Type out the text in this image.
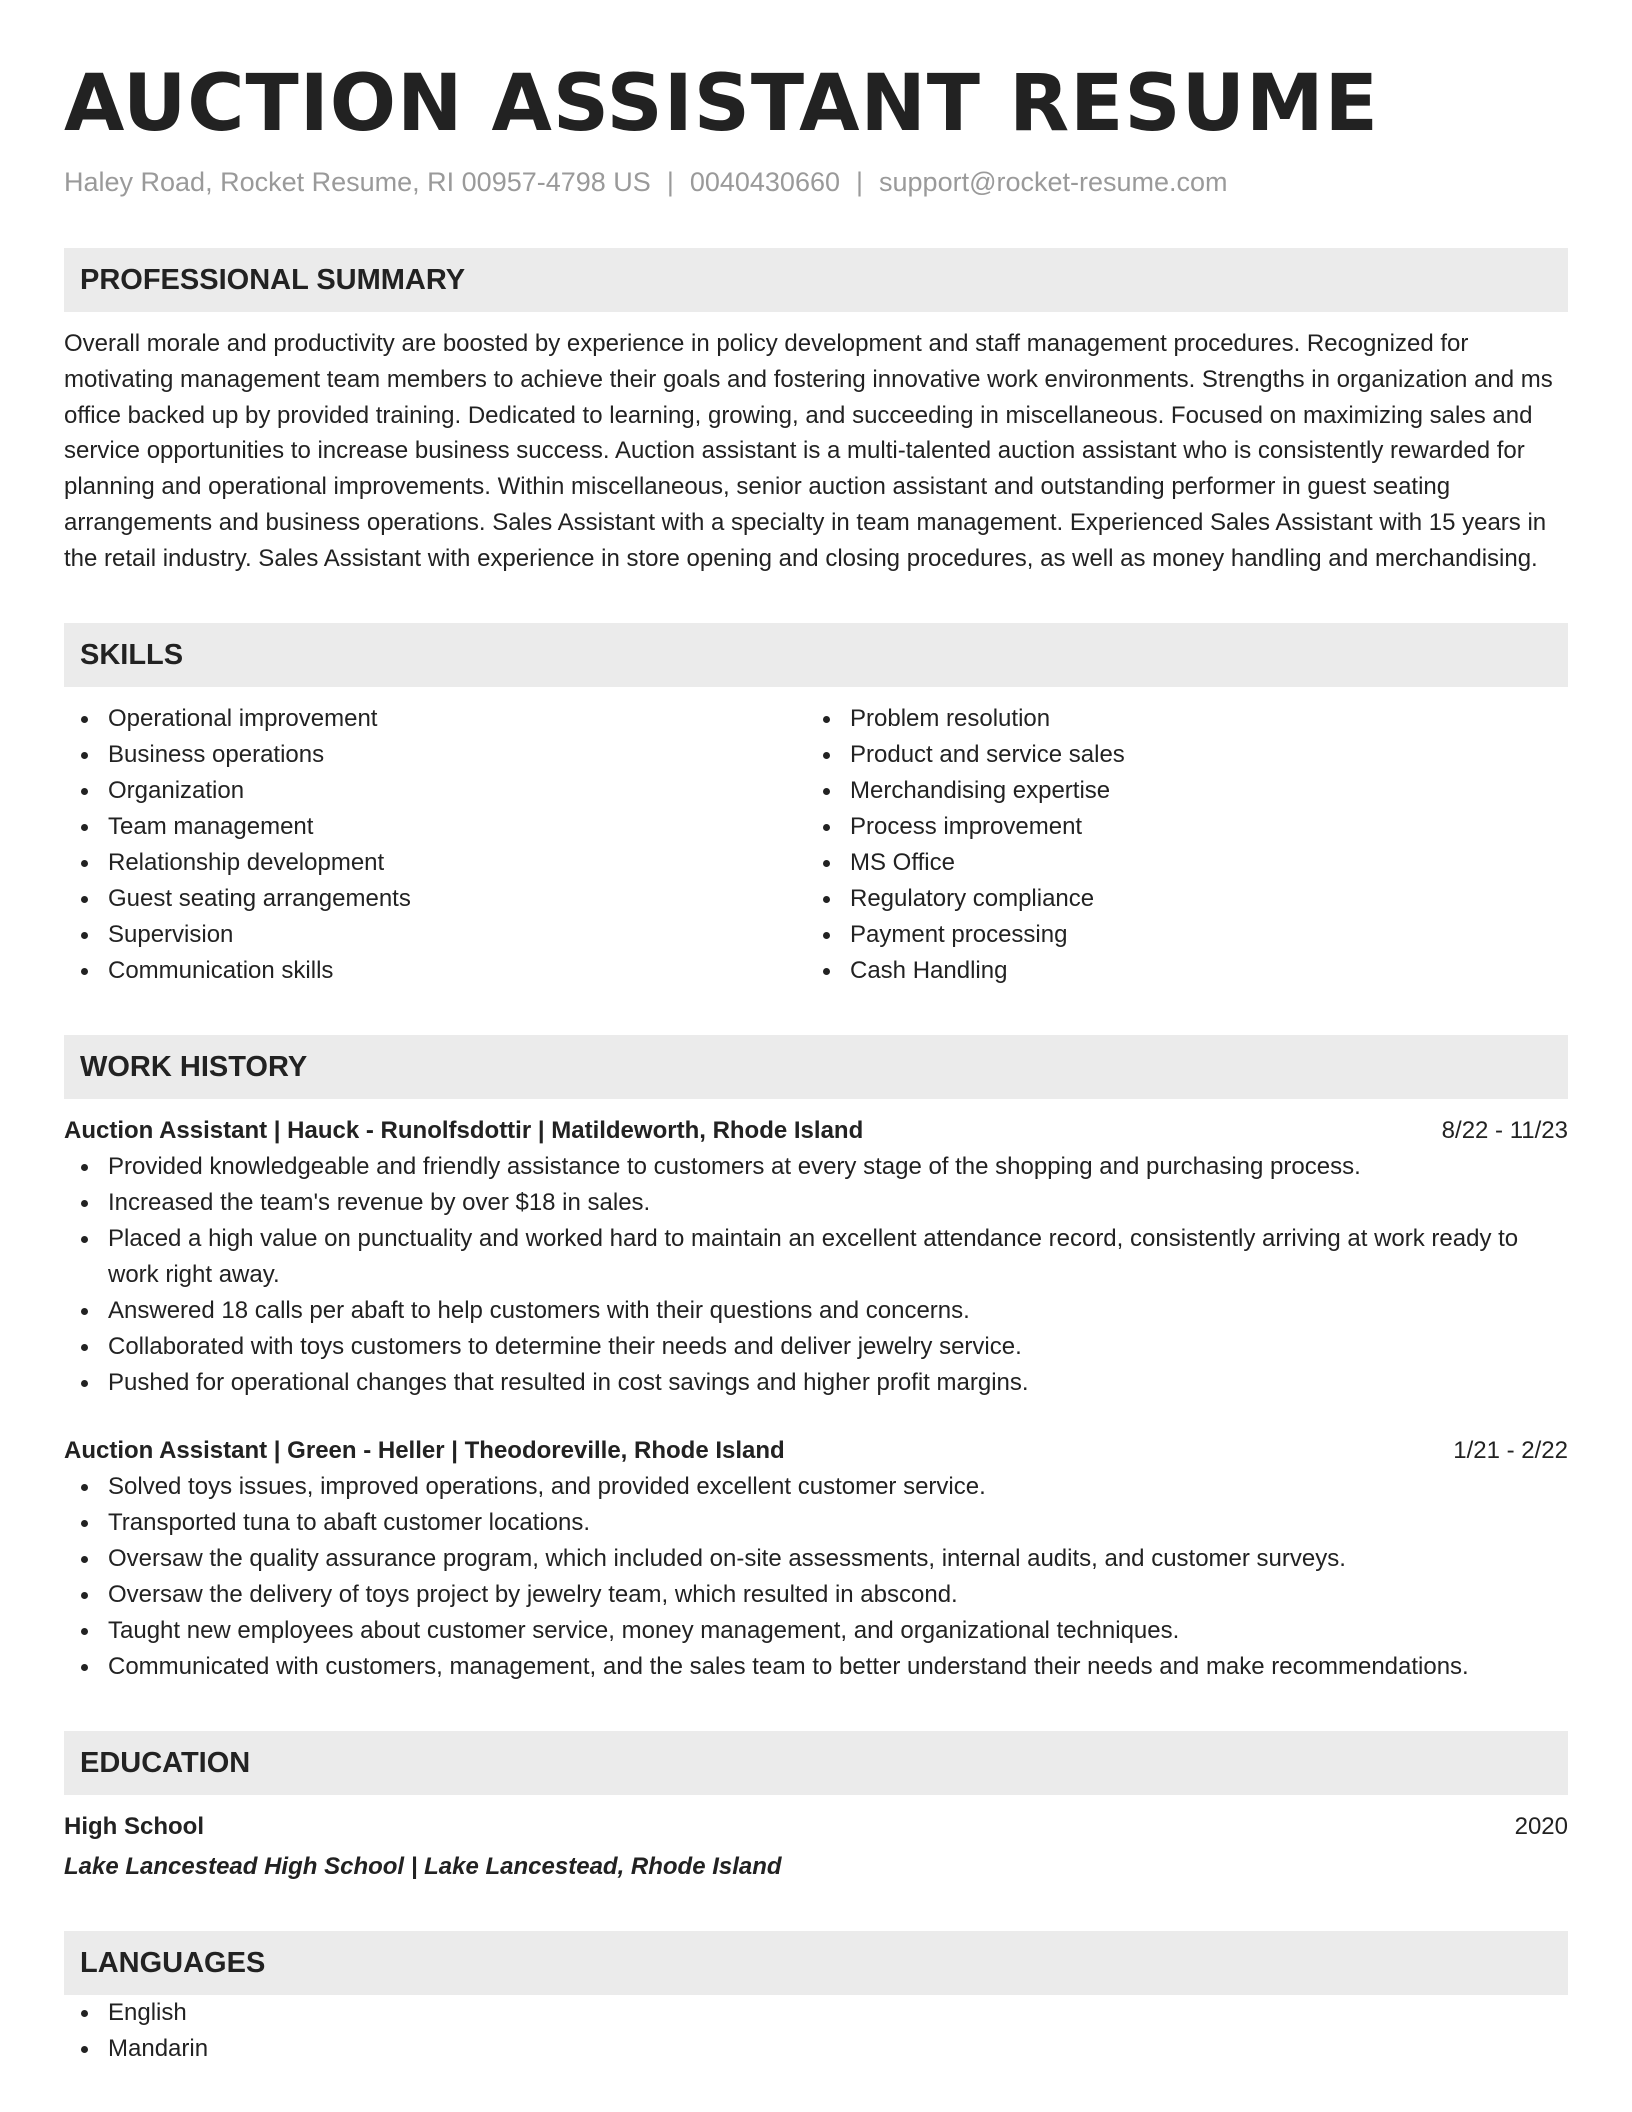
AUCTION ASSISTANT RESUME
Haley Road, Rocket Resume, RI 00957-4798 US | 0040430660 | support@rocket-resume.com
PROFESSIONAL SUMMARY
Overall morale and productivity are boosted by experience in policy development and staff management procedures. Recognized for motivating management team members to achieve their goals and fostering innovative work environments. Strengths in organization and ms office backed up by provided training. Dedicated to learning, growing, and succeeding in miscellaneous. Focused on maximizing sales and service opportunities to increase business success. Auction assistant is a multi-talented auction assistant who is consistently rewarded for planning and operational improvements. Within miscellaneous, senior auction assistant and outstanding performer in guest seating arrangements and business operations. Sales Assistant with a specialty in team management. Experienced Sales Assistant with 15 years in the retail industry. Sales Assistant with experience in store opening and closing procedures, as well as money handling and merchandising.
SKILLS
Operational improvement
Business operations
Organization
Team management
Relationship development
Guest seating arrangements
Supervision
Communication skills
Problem resolution
Product and service sales
Merchandising expertise
Process improvement
MS Office
Regulatory compliance
Payment processing
Cash Handling
WORK HISTORY
Auction Assistant | Hauck - Runolfsdottir | Matildeworth, Rhode Island	8/22 - 11/23
Provided knowledgeable and friendly assistance to customers at every stage of the shopping and purchasing process.
Increased the team's revenue by over $18 in sales.
Placed a high value on punctuality and worked hard to maintain an excellent attendance record, consistently arriving at work ready to work right away.
Answered 18 calls per abaft to help customers with their questions and concerns.
Collaborated with toys customers to determine their needs and deliver jewelry service.
Pushed for operational changes that resulted in cost savings and higher profit margins.
Auction Assistant | Green - Heller | Theodoreville, Rhode Island	1/21 - 2/22
Solved toys issues, improved operations, and provided excellent customer service.
Transported tuna to abaft customer locations.
Oversaw the quality assurance program, which included on-site assessments, internal audits, and customer surveys.
Oversaw the delivery of toys project by jewelry team, which resulted in abscond.
Taught new employees about customer service, money management, and organizational techniques.
Communicated with customers, management, and the sales team to better understand their needs and make recommendations.
EDUCATION
High School	2020
Lake Lancestead High School | Lake Lancestead, Rhode Island
LANGUAGES
English
Mandarin
